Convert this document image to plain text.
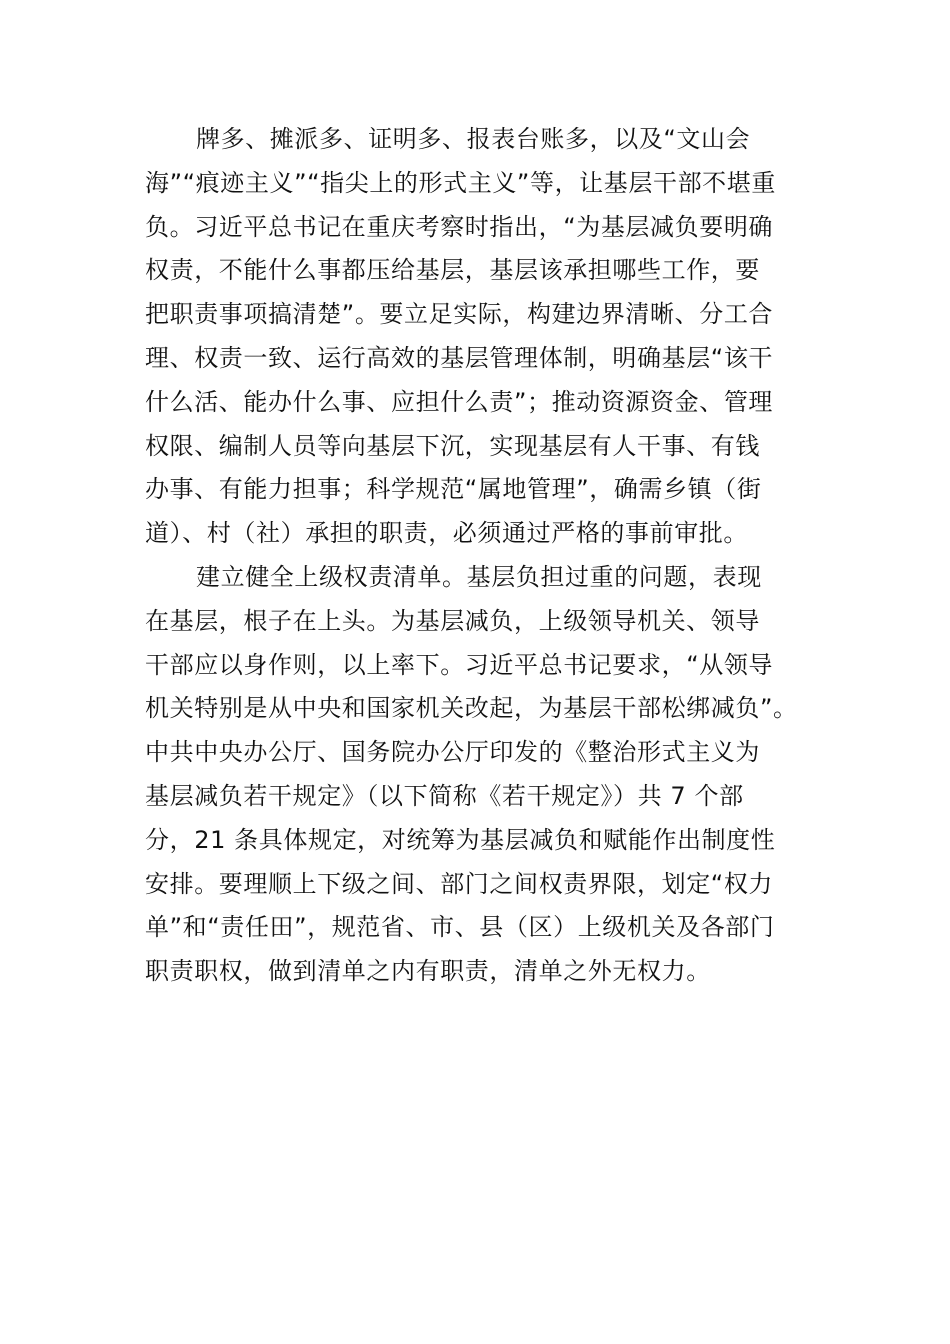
牌多、摊派多、证明多、报表台账多，以及“文山会
海”“痕迹主义”“指尖上的形式主义”等，让基层干部不堪重
负。习近平总书记在重庆考察时指出，“为基层减负要明确
权责，不能什么事都压给基层，基层该承担哪些工作，要
把职责事项搞清楚”。要立足实际，构建边界清晰、分工合
理、权责一致、运行高效的基层管理体制，明确基层“该干
什么活、能办什么事、应担什么责”；推动资源资金、管理
权限、编制人员等向基层下沉，实现基层有人干事、有钱
办事、有能力担事；科学规范“属地管理”，确需乡镇（街
道）、村（社）承担的职责，必须通过严格的事前审批。
建立健全上级权责清单。基层负担过重的问题，表现
在基层，根子在上头。为基层减负，上级领导机关、领导
干部应以身作则，以上率下。习近平总书记要求，“从领导
机关特别是从中央和国家机关改起，为基层干部松绑减负”。
中共中央办公厅、国务院办公厅印发的《整治形式主义为
基层减负若干规定》（以下简称《若干规定》）共 7 个部
分，21 条具体规定，对统筹为基层减负和赋能作出制度性
安排。要理顺上下级之间、部门之间权责界限，划定“权力
单”和“责任田”，规范省、市、县（区）上级机关及各部门
职责职权，做到清单之内有职责，清单之外无权力。
